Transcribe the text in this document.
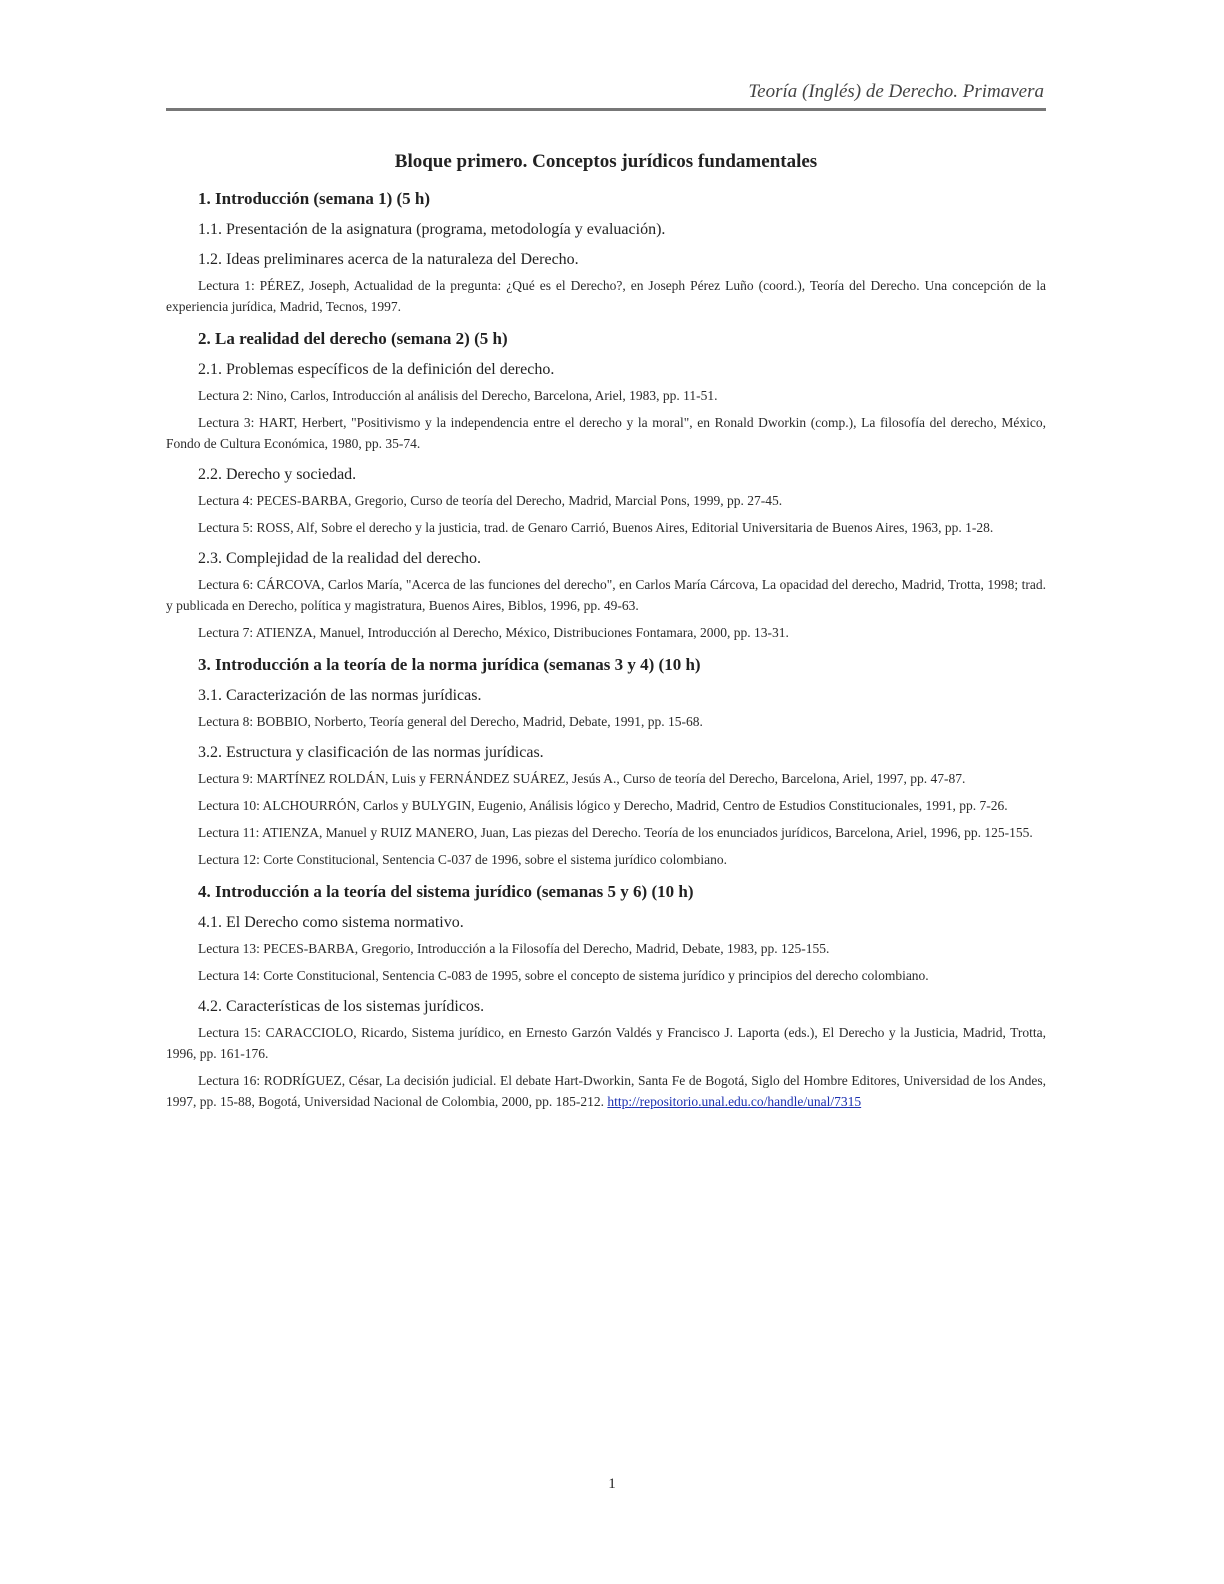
Teoría (Inglés) de Derecho. Primavera
Bloque primero. Conceptos jurídicos fundamentales
1. Introducción (semana 1) (5 h)
1.1. Presentación de la asignatura (programa, metodología y evaluación).
1.2. Ideas preliminares acerca de la naturaleza del Derecho.
Lectura 1: PÉREZ, Joseph, Actualidad de la pregunta: ¿Qué es el Derecho?, en Joseph Pérez Luño (coord.), Teoría del Derecho. Una concepción de la experiencia jurídica, Madrid, Tecnos, 1997.
2. La realidad del derecho (semana 2) (5 h)
2.1. Problemas específicos de la definición del derecho.
Lectura 2: Nino, Carlos, Introducción al análisis del Derecho, Barcelona, Ariel, 1983, pp. 11-51.
Lectura 3: HART, Herbert, "Positivismo y la independencia entre el derecho y la moral", en Ronald Dworkin (comp.), La filosofía del derecho, México, Fondo de Cultura Económica, 1980, pp. 35-74.
2.2. Derecho y sociedad.
Lectura 4: PECES-BARBA, Gregorio, Curso de teoría del Derecho, Madrid, Marcial Pons, 1999, pp. 27-45.
Lectura 5: ROSS, Alf, Sobre el derecho y la justicia, trad. de Genaro Carrió, Buenos Aires, Editorial Universitaria de Buenos Aires, 1963, pp. 1-28.
2.3. Complejidad de la realidad del derecho.
Lectura 6: CÁRCOVA, Carlos María, "Acerca de las funciones del derecho", en Carlos María Cárcova, La opacidad del derecho, Madrid, Trotta, 1998; trad. y publicada en Derecho, política y magistratura, Buenos Aires, Biblos, 1996, pp. 49-63.
Lectura 7: ATIENZA, Manuel, Introducción al Derecho, México, Distribuciones Fontamara, 2000, pp. 13-31.
3. Introducción a la teoría de la norma jurídica (semanas 3 y 4) (10 h)
3.1. Caracterización de las normas jurídicas.
Lectura 8: BOBBIO, Norberto, Teoría general del Derecho, Madrid, Debate, 1991, pp. 15-68.
3.2. Estructura y clasificación de las normas jurídicas.
Lectura 9: MARTÍNEZ ROLDÁN, Luis y FERNÁNDEZ SUÁREZ, Jesús A., Curso de teoría del Derecho, Barcelona, Ariel, 1997, pp. 47-87.
Lectura 10: ALCHOURRÓN, Carlos y BULYGIN, Eugenio, Análisis lógico y Derecho, Madrid, Centro de Estudios Constitucionales, 1991, pp. 7-26.
Lectura 11: ATIENZA, Manuel y RUIZ MANERO, Juan, Las piezas del Derecho. Teoría de los enunciados jurídicos, Barcelona, Ariel, 1996, pp. 125-155.
Lectura 12: Corte Constitucional, Sentencia C-037 de 1996, sobre el sistema jurídico colombiano.
4. Introducción a la teoría del sistema jurídico (semanas 5 y 6) (10 h)
4.1. El Derecho como sistema normativo.
Lectura 13: PECES-BARBA, Gregorio, Introducción a la Filosofía del Derecho, Madrid, Debate, 1983, pp. 125-155.
Lectura 14: Corte Constitucional, Sentencia C-083 de 1995, sobre el concepto de sistema jurídico y principios del derecho colombiano.
4.2. Características de los sistemas jurídicos.
Lectura 15: CARACCIOLO, Ricardo, Sistema jurídico, en Ernesto Garzón Valdés y Francisco J. Laporta (eds.), El Derecho y la Justicia, Madrid, Trotta, 1996, pp. 161-176.
Lectura 16: RODRÍGUEZ, César, La decisión judicial. El debate Hart-Dworkin, Santa Fe de Bogotá, Siglo del Hombre Editores, Universidad de los Andes, 1997, pp. 15-88, Bogotá, Universidad Nacional de Colombia, 2000, pp. 185-212. http://repositorio.unal.edu.co/handle/unal/7315
1
